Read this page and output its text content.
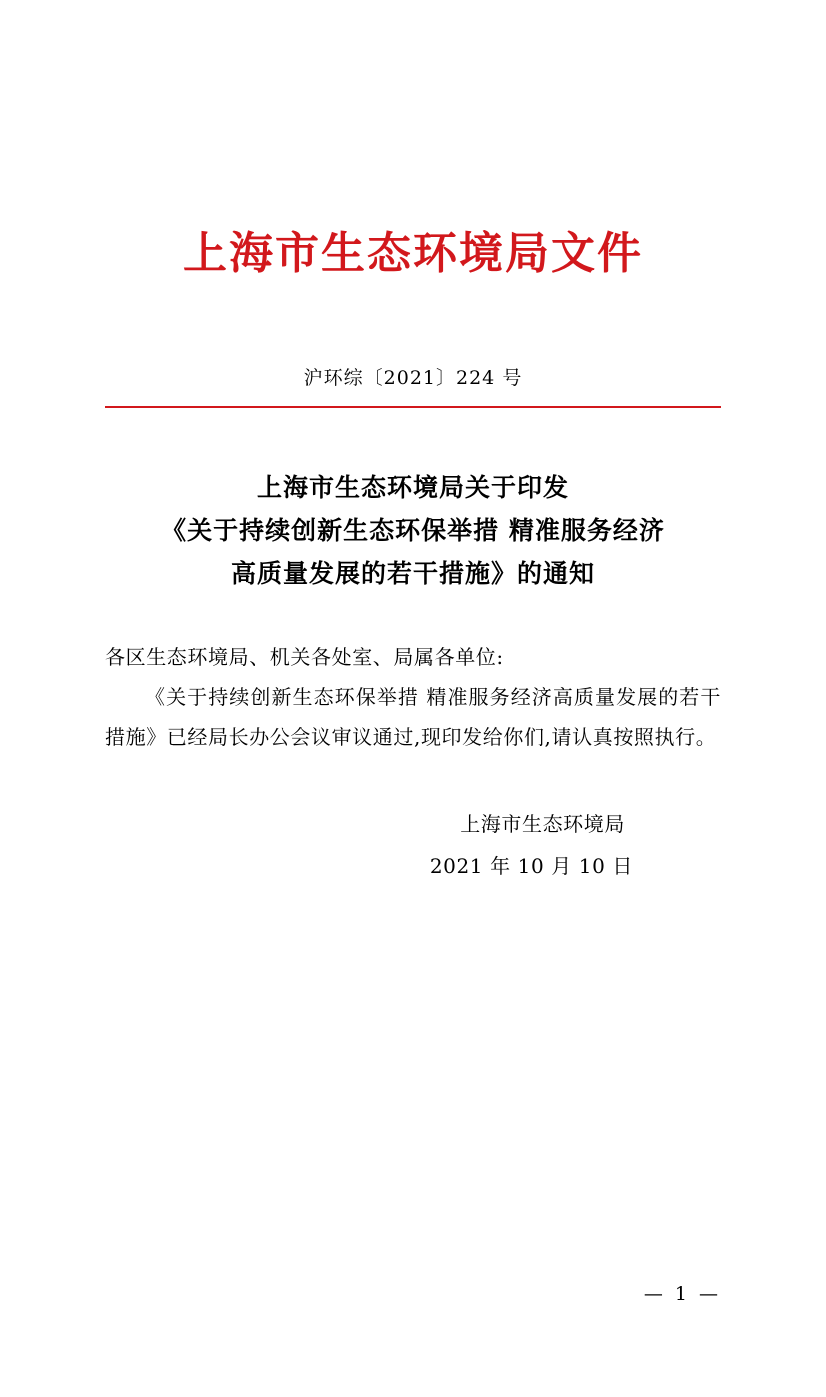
上海市生态环境局文件
沪环综〔2021〕224 号
上海市生态环境局关于印发
《关于持续创新生态环保举措 精准服务经济
高质量发展的若干措施》的通知
各区生态环境局、机关各处室、局属各单位:
《关于持续创新生态环保举措 精准服务经济高质量发展的若干措施》已经局长办公会议审议通过,现印发给你们,请认真按照执行。
上海市生态环境局
2021 年 10 月 10 日
— 1 —
